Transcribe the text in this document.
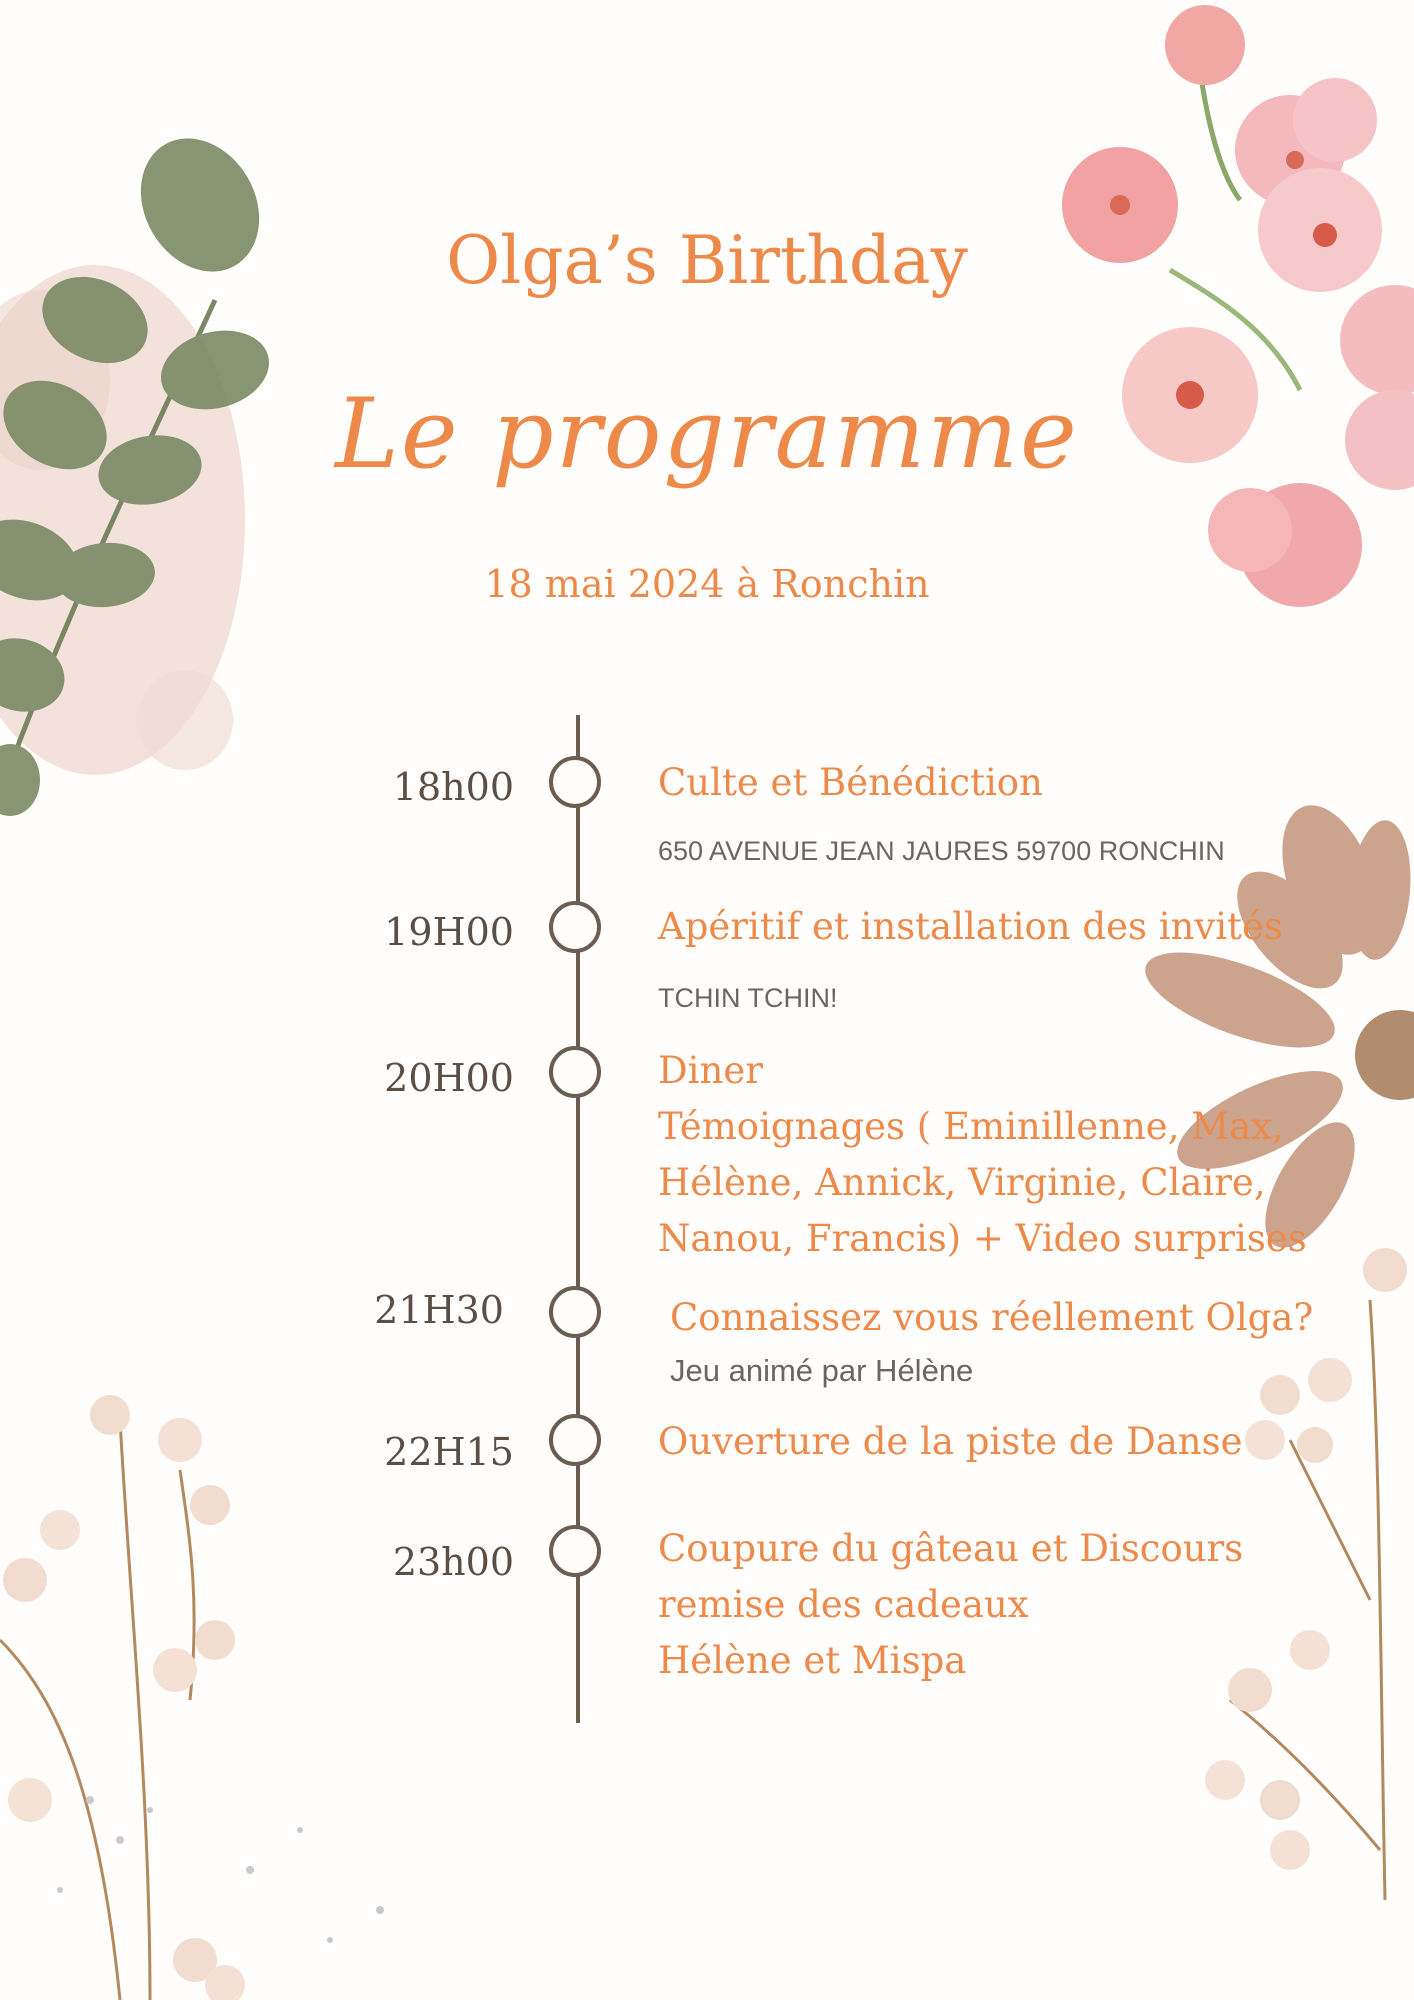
Olga’s Birthday
Le programme
18 mai 2024 à Ronchin
18h00	Culte et Bénédiction
650 AVENUE JEAN JAURES 59700 RONCHIN
19H00	Apéritif et installation des invités
TCHIN TCHIN!
20H00	Diner
Témoignages ( Eminillenne, Max,
Hélène, Annick, Virginie, Claire,
Nanou, Francis) + Video surprises
21H30	Connaissez vous réellement Olga?
Jeu animé par Hélène
22H15	Ouverture de la piste de Danse
23h00	Coupure du gâteau et Discours
remise des cadeaux
Hélène et Mispa
